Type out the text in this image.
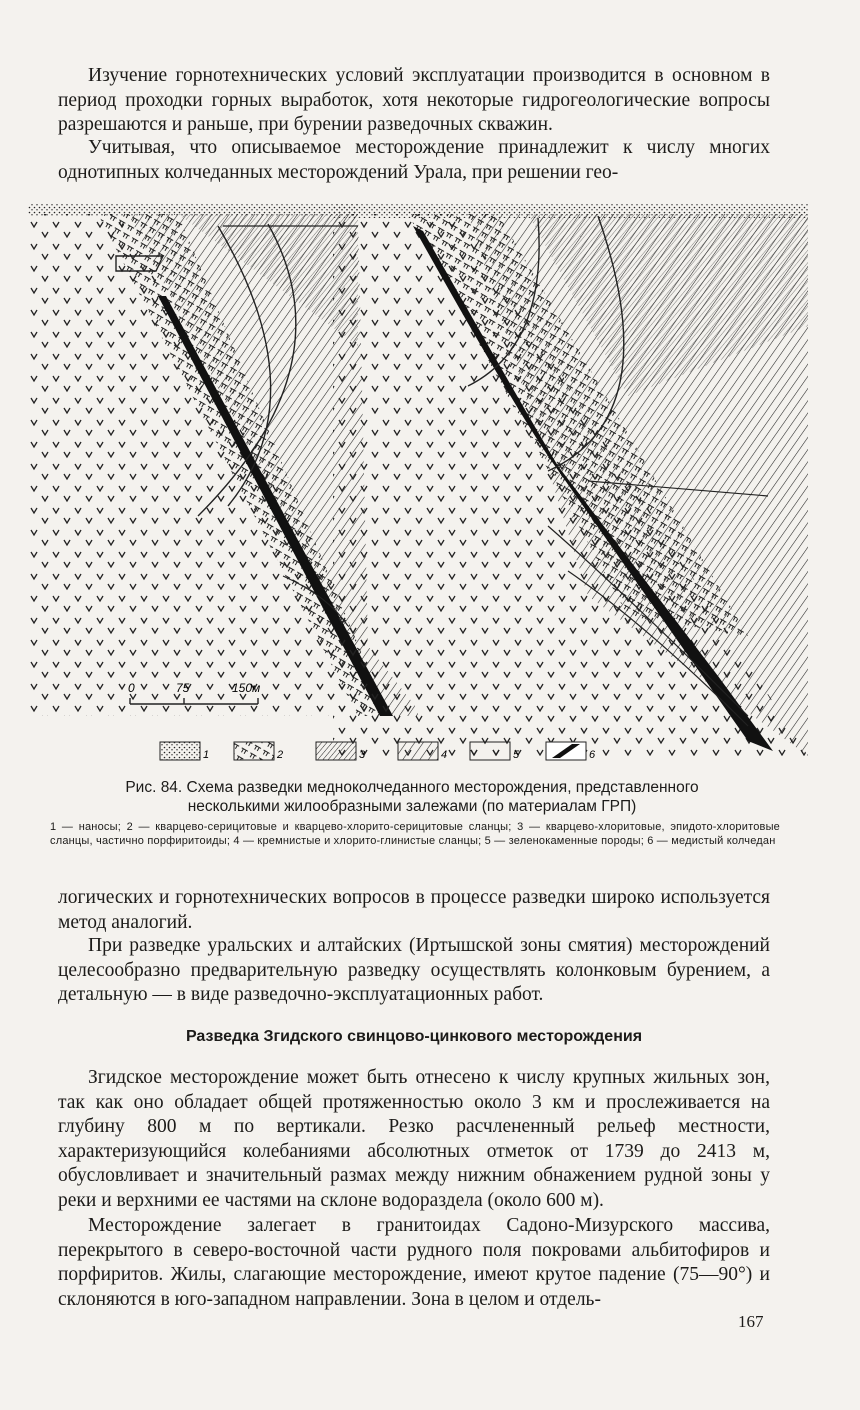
Изучение горнотехнических условий эксплуатации производится в основном в период проходки горных выработок, хотя некоторые гидрогеологические вопросы разрешаются и раньше, при бурении разведочных скважин.

Учитывая, что описываемое месторождение принадлежит к числу многих однотипных колчеданных месторождений Урала, при решении гео-

0	75	150м
1	2	3	4	5	6

Рис. 84. Схема разведки медноколчеданного месторождения, представленного несколькими жилообразными залежами (по материалам ГРП)

1 — наносы; 2 — кварцево-серицитовые и кварцево-хлорито-серицитовые сланцы; 3 — кварцево-хлоритовые, эпидото-хлоритовые сланцы, частично порфиритоиды; 4 — кремнистые и хлорито-глинистые сланцы; 5 — зеленокаменные породы; 6 — медистый колчедан

логических и горнотехнических вопросов в процессе разведки широко используется метод аналогий.

При разведке уральских и алтайских (Иртышской зоны смятия) месторождений целесообразно предварительную разведку осуществлять колонковым бурением, а детальную — в виде разведочно-эксплуатационных работ.

Разведка Згидского свинцово-цинкового месторождения

Згидское месторождение может быть отнесено к числу крупных жильных зон, так как оно обладает общей протяженностью около 3 км и прослеживается на глубину 800 м по вертикали. Резко расчлененный рельеф местности, характеризующийся колебаниями абсолютных отметок от 1739 до 2413 м, обусловливает и значительный размах между нижним обнажением рудной зоны у реки и верхними ее частями на склоне водораздела (около 600 м).

Месторождение залегает в гранитоидах Садоно-Мизурского массива, перекрытого в северо-восточной части рудного поля покровами альбитофиров и порфиритов. Жилы, слагающие месторождение, имеют крутое падение (75—90°) и склоняются в юго-западном направлении. Зона в целом и отдель-

167
